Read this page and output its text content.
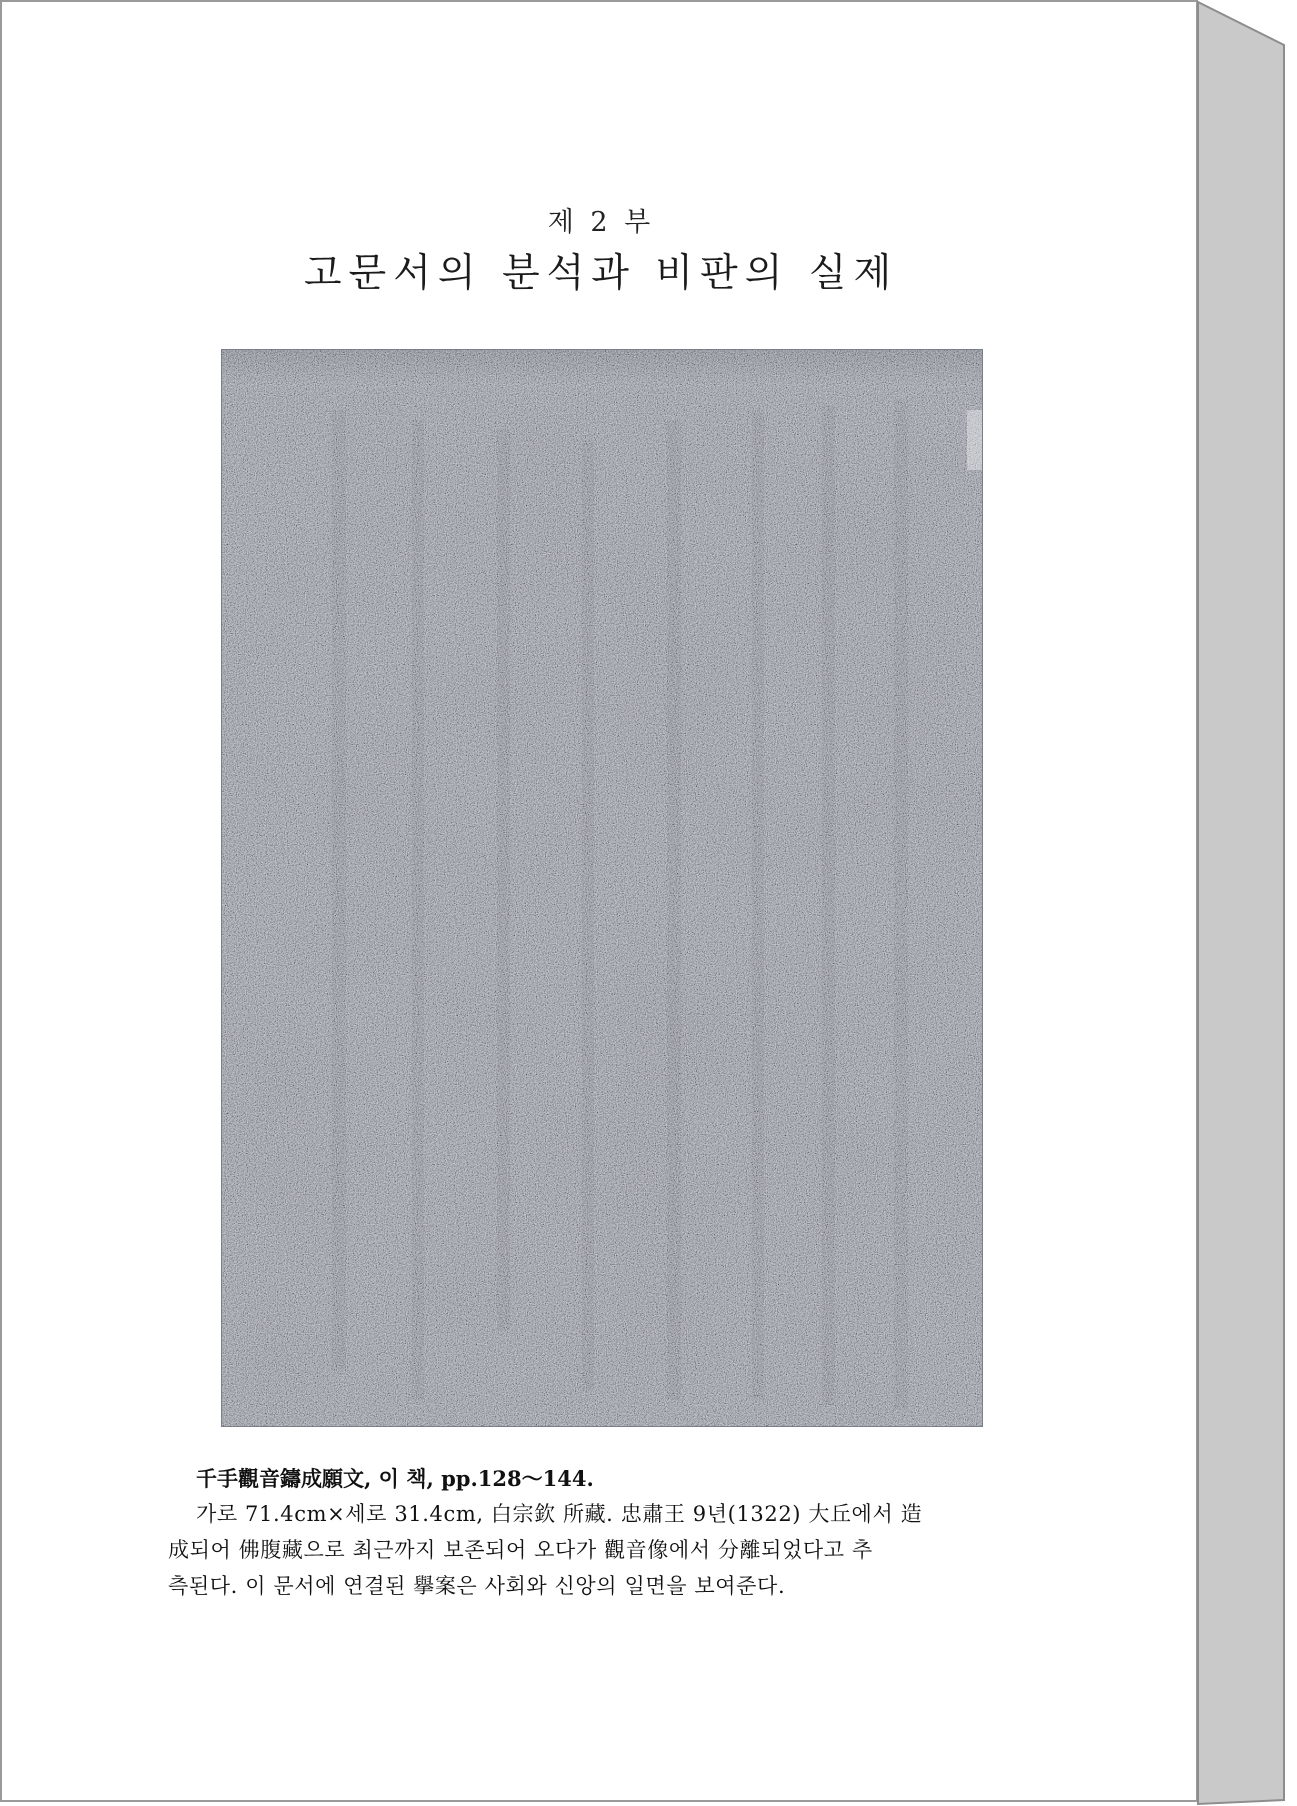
제 2 부
고문서의 분석과 비판의 실제
千手觀音鑄成願文, 이 책, pp.128～144.
가로 71.4cm×세로 31.4cm, 白宗欽 所藏. 忠肅王 9년(1322) 大丘에서 造
成되어 佛腹藏으로 최근까지 보존되어 오다가 觀音像에서 分離되었다고 추
측된다. 이 문서에 연결된 擧案은 사회와 신앙의 일면을 보여준다.
